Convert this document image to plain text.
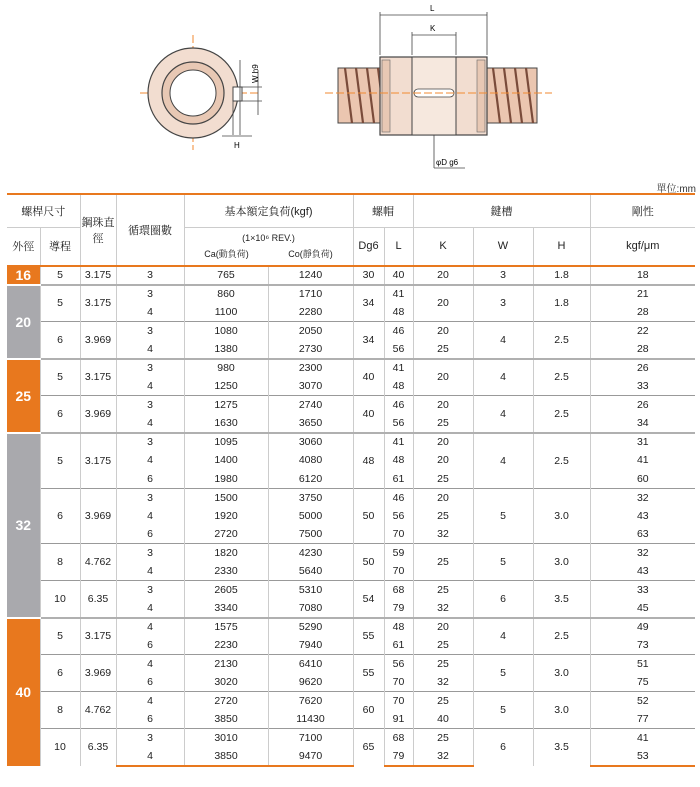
W h9
H
L
K
φD g6
單位:mm
螺桿尺寸		鋼珠直徑	循環圈數	基本額定負荷(kgf)		螺帽		鍵槽			剛性
外徑	導程			(1×10⁶ REV.)
Ca(動負荷) Co(靜負荷)		Dg6	L	K	W	H	kgf/μm
16	5	3.175	3	765	1240	30	40	20	3	1.8	18
20	5	3.175	3	860	1710	34	41	20	3	1.8	21
			4	1100	2280		48				28
	6	3.969	3	1080	2050	34	46	20	4	2.5	22
			4	1380	2730		56	25			28
25	5	3.175	3	980	2300	40	41	20	4	2.5	26
			4	1250	3070		48				33
	6	3.969	3	1275	2740	40	46	20	4	2.5	26
			4	1630	3650		56	25			34
32	5	3.175	3	1095	3060	48	41	20	4	2.5	31
			4	1400	4080		48	20			41
			6	1980	6120		61	25			60
	6	3.969	3	1500	3750	50	46	20	5	3.0	32
			4	1920	5000		56	25			43
			6	2720	7500		70	32			63
	8	4.762	3	1820	4230	50	59	25	5	3.0	32
			4	2330	5640		70				43
	10	6.35	3	2605	5310	54	68	25	6	3.5	33
			4	3340	7080		79	32			45
40	5	3.175	4	1575	5290	55	48	20	4	2.5	49
			6	2230	7940		61	25			73
	6	3.969	4	2130	6410	55	56	25	5	3.0	51
			6	3020	9620		70	32			75
	8	4.762	4	2720	7620	60	70	25	5	3.0	52
			6	3850	11430		91	40			77
	10	6.35	3	3010	7100	65	68	25	6	3.5	41
			4	3850	9470		79	32			53
